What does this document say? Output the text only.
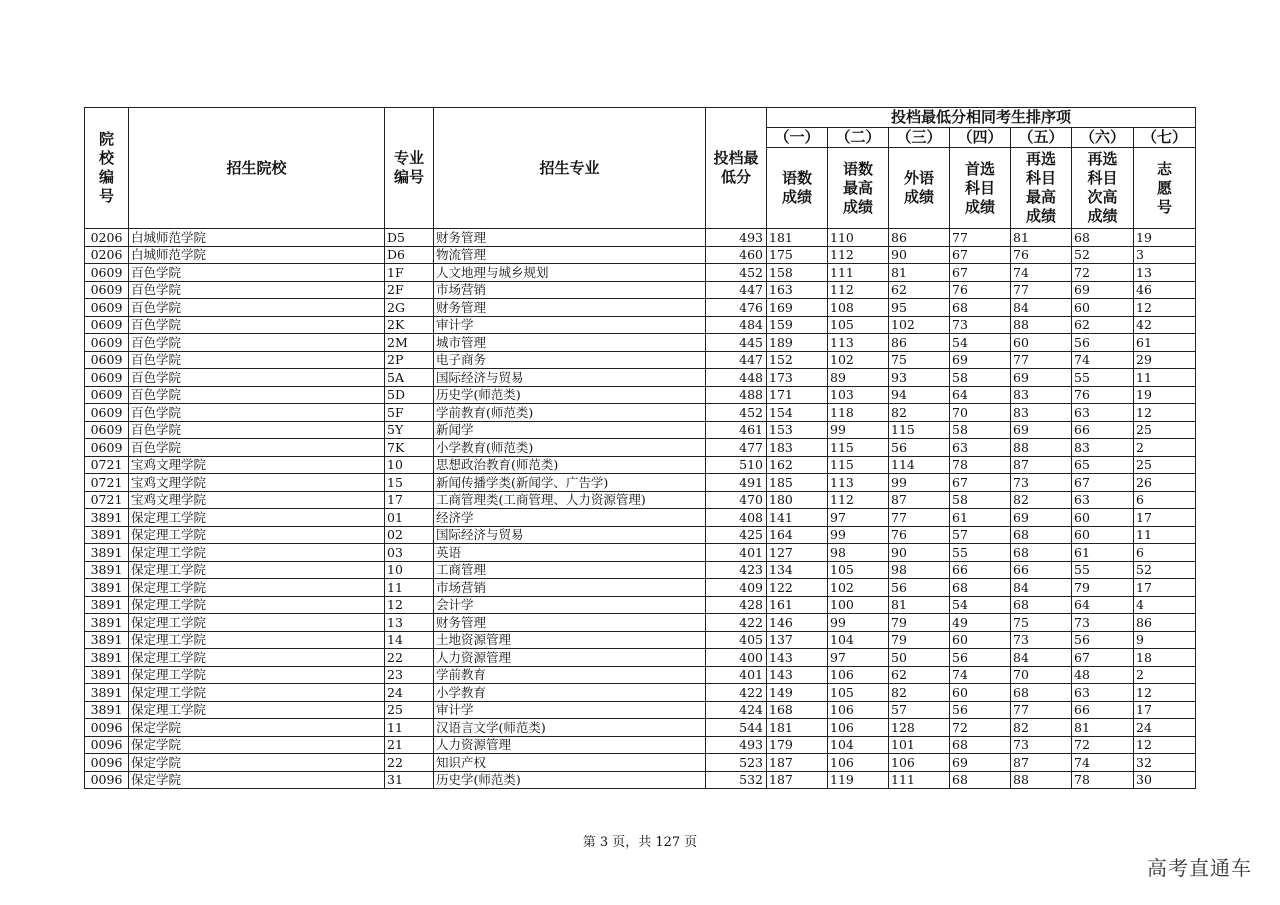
院校编号	招生院校	专业编号	招生专业	投档最低分	投档最低分相同考生排序项						
					（一）	（二）	（三）	（四）	（五）	（六）	（七）
					语数成绩	语数最高成绩	外语成绩	首选科目成绩	再选科目最高成绩	再选科目次高成绩	志愿号
0206	白城师范学院	D5	财务管理	493	181	110	86	77	81	68	19
0206	白城师范学院	D6	物流管理	460	175	112	90	67	76	52	3
0609	百色学院	1F	人文地理与城乡规划	452	158	111	81	67	74	72	13
0609	百色学院	2F	市场营销	447	163	112	62	76	77	69	46
0609	百色学院	2G	财务管理	476	169	108	95	68	84	60	12
0609	百色学院	2K	审计学	484	159	105	102	73	88	62	42
0609	百色学院	2M	城市管理	445	189	113	86	54	60	56	61
0609	百色学院	2P	电子商务	447	152	102	75	69	77	74	29
0609	百色学院	5A	国际经济与贸易	448	173	89	93	58	69	55	11
0609	百色学院	5D	历史学(师范类)	488	171	103	94	64	83	76	19
0609	百色学院	5F	学前教育(师范类)	452	154	118	82	70	83	63	12
0609	百色学院	5Y	新闻学	461	153	99	115	58	69	66	25
0609	百色学院	7K	小学教育(师范类)	477	183	115	56	63	88	83	2
0721	宝鸡文理学院	10	思想政治教育(师范类)	510	162	115	114	78	87	65	25
0721	宝鸡文理学院	15	新闻传播学类(新闻学、广告学)	491	185	113	99	67	73	67	26
0721	宝鸡文理学院	17	工商管理类(工商管理、人力资源管理)	470	180	112	87	58	82	63	6
3891	保定理工学院	01	经济学	408	141	97	77	61	69	60	17
3891	保定理工学院	02	国际经济与贸易	425	164	99	76	57	68	60	11
3891	保定理工学院	03	英语	401	127	98	90	55	68	61	6
3891	保定理工学院	10	工商管理	423	134	105	98	66	66	55	52
3891	保定理工学院	11	市场营销	409	122	102	56	68	84	79	17
3891	保定理工学院	12	会计学	428	161	100	81	54	68	64	4
3891	保定理工学院	13	财务管理	422	146	99	79	49	75	73	86
3891	保定理工学院	14	土地资源管理	405	137	104	79	60	73	56	9
3891	保定理工学院	22	人力资源管理	400	143	97	50	56	84	67	18
3891	保定理工学院	23	学前教育	401	143	106	62	74	70	48	2
3891	保定理工学院	24	小学教育	422	149	105	82	60	68	63	12
3891	保定理工学院	25	审计学	424	168	106	57	56	77	66	17
0096	保定学院	11	汉语言文学(师范类)	544	181	106	128	72	82	81	24
0096	保定学院	21	人力资源管理	493	179	104	101	68	73	72	12
0096	保定学院	22	知识产权	523	187	106	106	69	87	74	32
0096	保定学院	31	历史学(师范类)	532	187	119	111	68	88	78	30
第 3 页，共 127 页
高考直通车
